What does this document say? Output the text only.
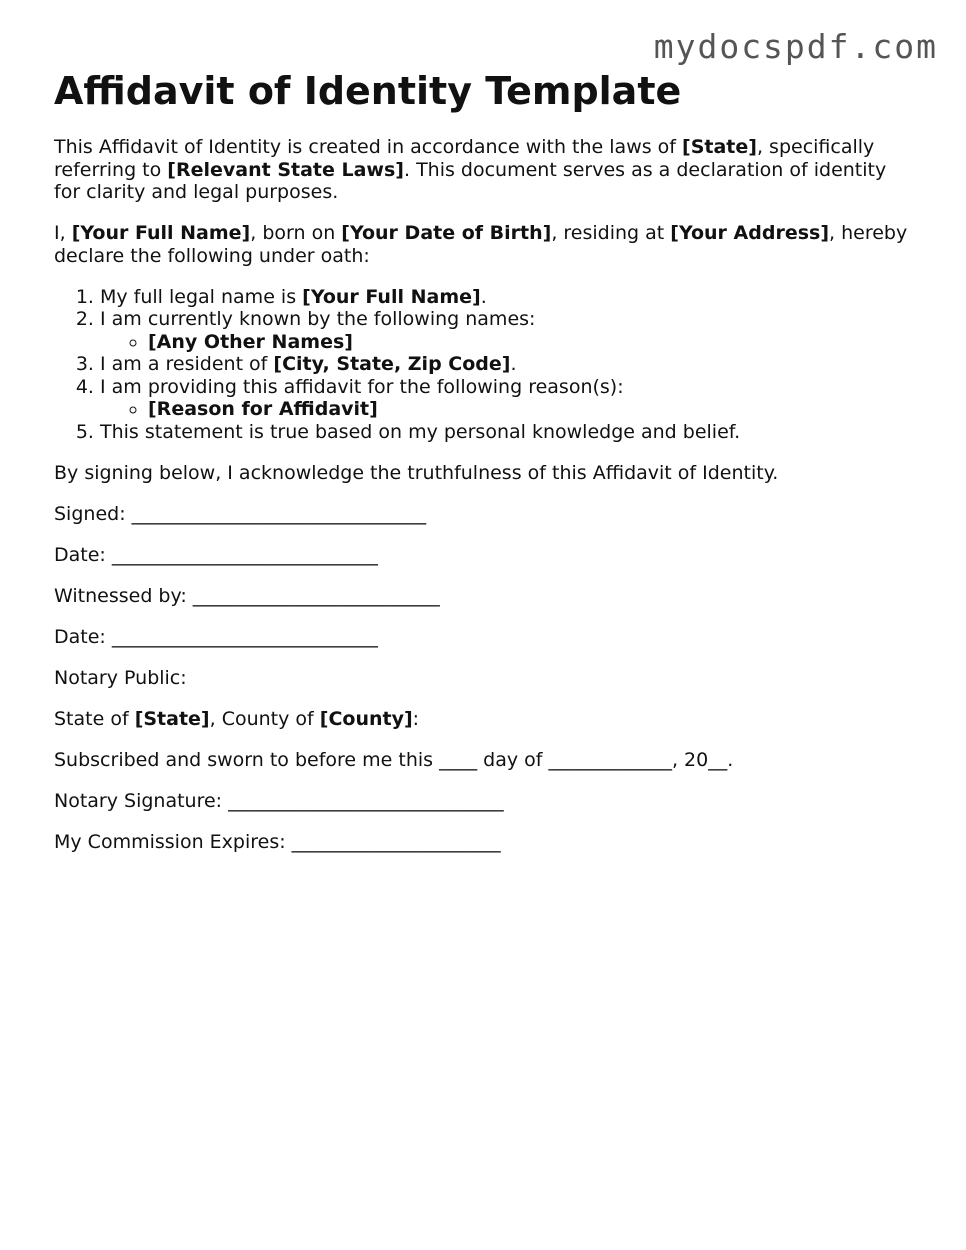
mydocspdf.com
Affidavit of Identity Template

This Affidavit of Identity is created in accordance with the laws of [State], specifically referring to [Relevant State Laws]. This document serves as a declaration of identity for clarity and legal purposes.

I, [Your Full Name], born on [Your Date of Birth], residing at [Your Address], hereby declare the following under oath:

1. My full legal name is [Your Full Name].
2. I am currently known by the following names:
◦ [Any Other Names]
3. I am a resident of [City, State, Zip Code].
4. I am providing this affidavit for the following reason(s):
◦ [Reason for Affidavit]
5. This statement is true based on my personal knowledge and belief.

By signing below, I acknowledge the truthfulness of this Affidavit of Identity.

Signed: _______________________________

Date: ____________________________

Witnessed by: __________________________

Date: ____________________________

Notary Public:

State of [State], County of [County]:

Subscribed and sworn to before me this ____ day of _____________, 20__.

Notary Signature: _____________________________

My Commission Expires: ______________________
